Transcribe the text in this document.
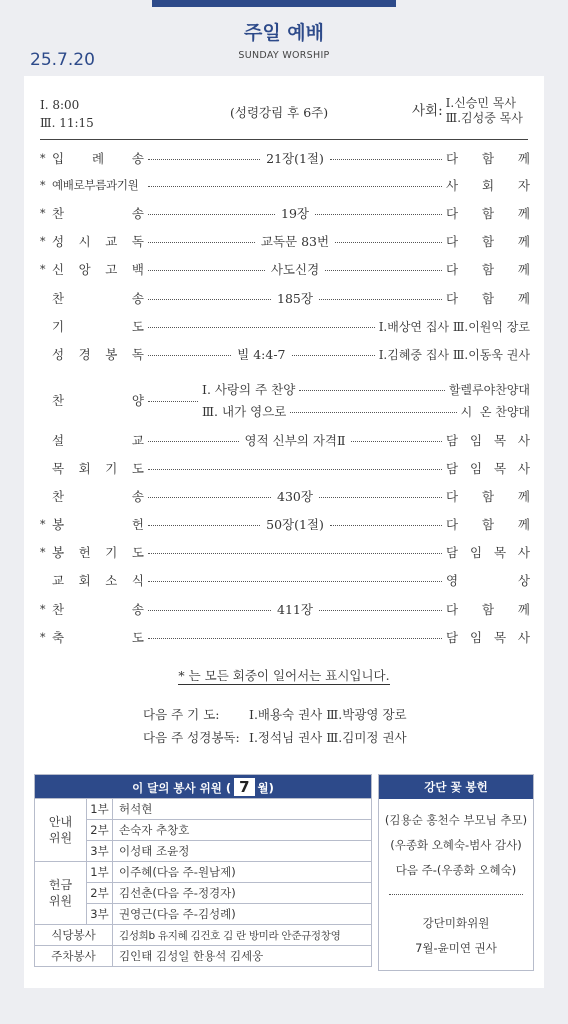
주일 예배
SUNDAY WORSHIP
25.7.20
Ⅰ. 8:00
Ⅲ. 11:15
(성령강림 후 6주)	사회: Ⅰ.신승민 목사
Ⅲ.김성중 목사
* 입 례 송	21장(1절)	다 함 께
* 예배로부름과기원	사 회 자
* 찬	송	19장	다 함 께
* 성 시 교 독	교독문 83번	다 함 께
* 신 앙 고 백	사도신경	다 함 께
찬	송	185장	다 함 께
기	도	Ⅰ.배상연 집사 Ⅲ.이원익 장로
성 경 봉 독	빌 4:4-7	Ⅰ.김혜중 집사 Ⅲ.이동욱 권사
찬	양
Ⅰ. 사랑의 주 찬양	할렐루야찬양대
Ⅲ. 내가 영으로	시  온 찬양대
설	교	영적 신부의 자격Ⅱ	담 임 목 사
목 회 기 도	담 임 목 사
찬	송	430장	다 함 께
* 봉	헌	50장(1절)	다 함 께
* 봉 헌 기 도	담 임 목 사
교 회 소 식	영	상
* 찬	송	411장	다 함 께
* 축	도	담 임 목 사
* 는 모든 회중이 일어서는 표시입니다.
다음 주 기 도: Ⅰ.배용숙 권사 Ⅲ.박광영 장로
다음 주 성경봉독: Ⅰ.정석님 권사 Ⅲ.김미정 권사
이 달의 봉사 위원 ( 7 월)		
안내
위원	1부	허석현
	2부	손숙자 추창호
	3부	이성태 조윤정
헌금
위원	1부	이주혜(다음 주-원남제)
	2부	김선춘(다음 주-정경자)
	3부	권영근(다음 주-김성례)
식당봉사		김성희b 유지혜 김건호 김 란 방미라 안준규정창영
주차봉사		김인태 김성일 한용석 김세웅
강단 꽃 봉헌
(김용순 홍천수 부모님 추모)
(우종화 오혜숙-범사 감사)
다음 주-(우종화 오혜숙)
강단미화위원
7월-윤미연 권사
